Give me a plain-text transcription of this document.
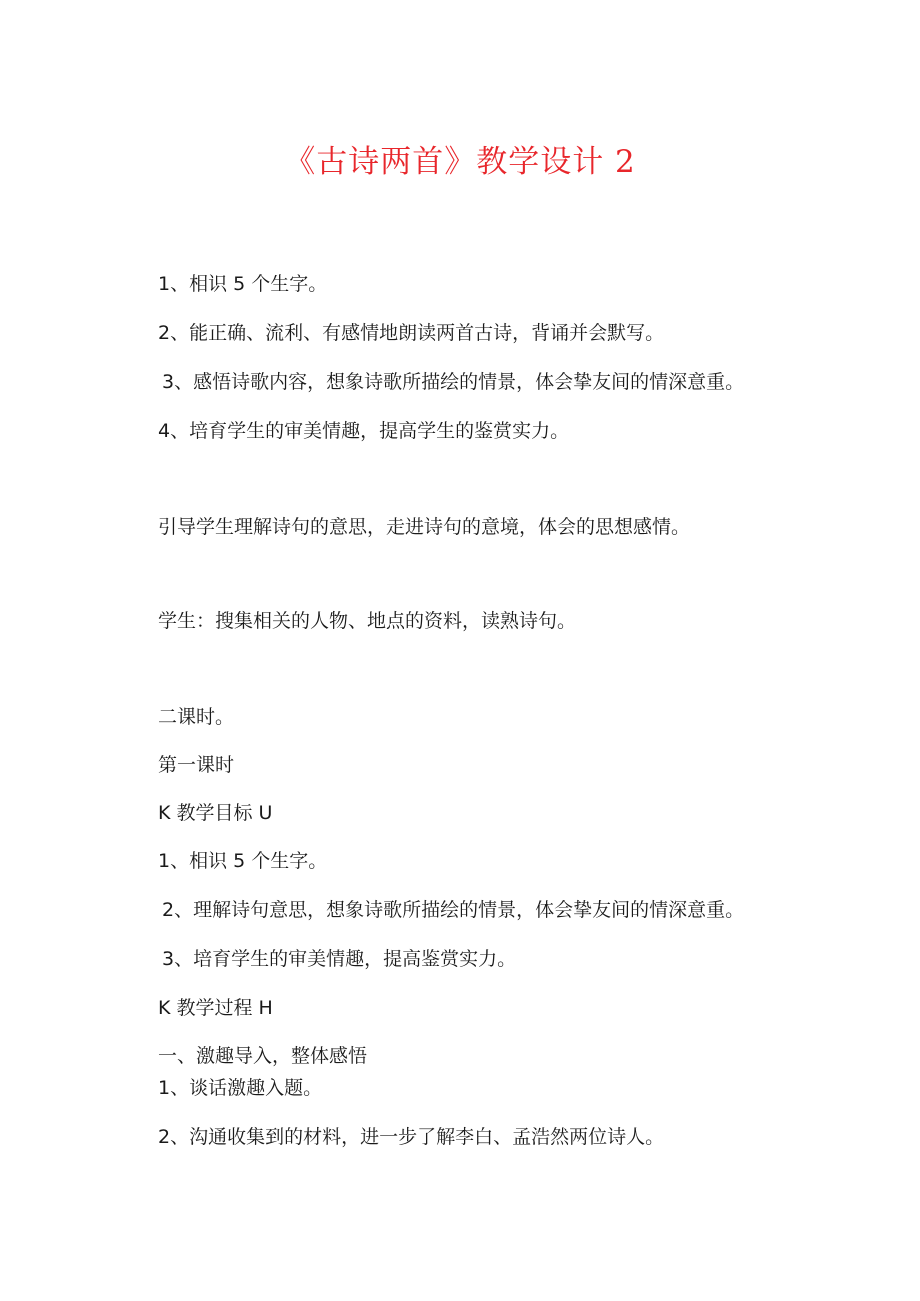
《古诗两首》教学设计 2
1、相识 5 个生字。
2、能正确、流利、有感情地朗读两首古诗，背诵并会默写。
3、感悟诗歌内容，想象诗歌所描绘的情景，体会挚友间的情深意重。
4、培育学生的审美情趣，提高学生的鉴赏实力。
引导学生理解诗句的意思，走进诗句的意境，体会的思想感情。
学生：搜集相关的人物、地点的资料，读熟诗句。
二课时。
第一课时
K 教学目标 U
1、相识 5 个生字。
2、理解诗句意思，想象诗歌所描绘的情景，体会挚友间的情深意重。
3、培育学生的审美情趣，提高鉴赏实力。
K 教学过程 H
一、激趣导入，整体感悟
1、谈话激趣入题。
2、沟通收集到的材料，进一步了解李白、孟浩然两位诗人。
